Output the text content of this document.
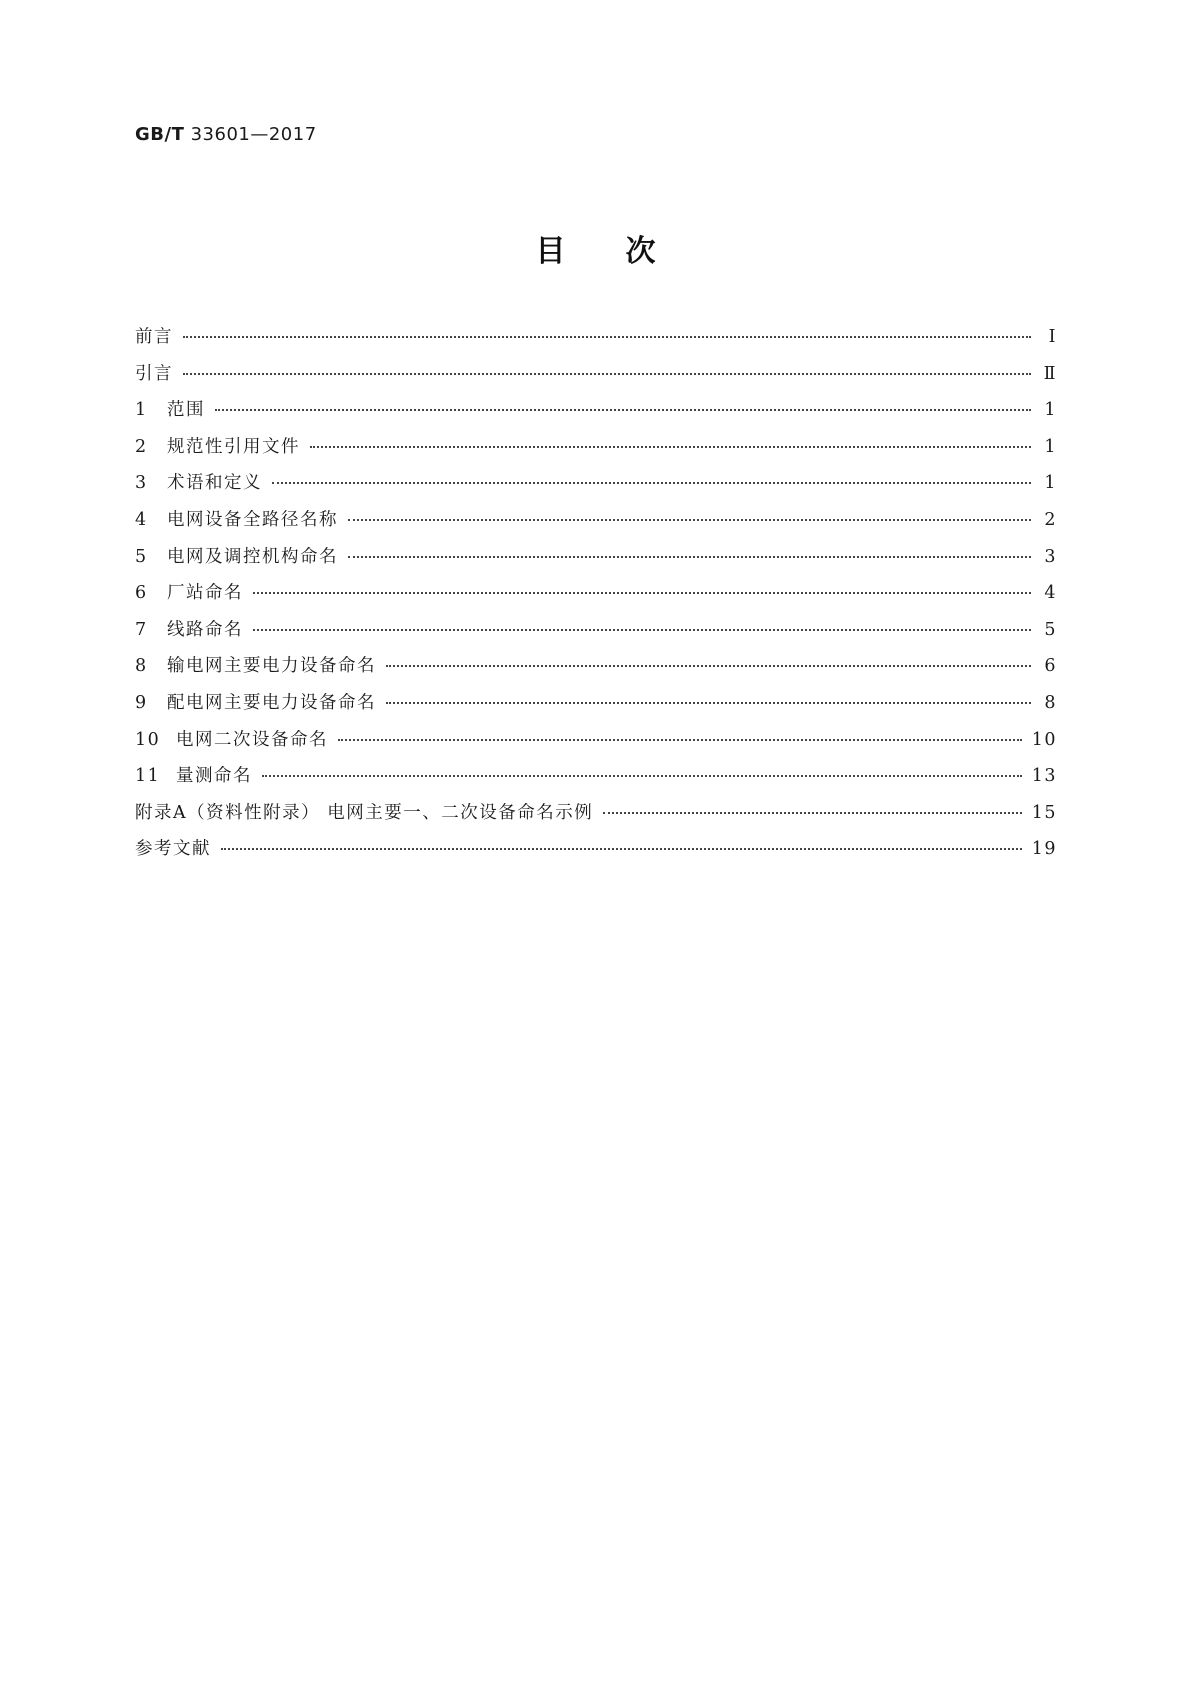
GB/T 33601—2017
目次
前言	Ⅰ
引言	Ⅱ
1	范围	1
2	规范性引用文件	1
3	术语和定义	1
4	电网设备全路径名称	2
5	电网及调控机构命名	3
6	厂站命名	4
7	线路命名	5
8	输电网主要电力设备命名	6
9	配电网主要电力设备命名	8
10 电网二次设备命名	10
11 量测命名	13
附录A（资料性附录） 电网主要一、二次设备命名示例	15
参考文献	19
